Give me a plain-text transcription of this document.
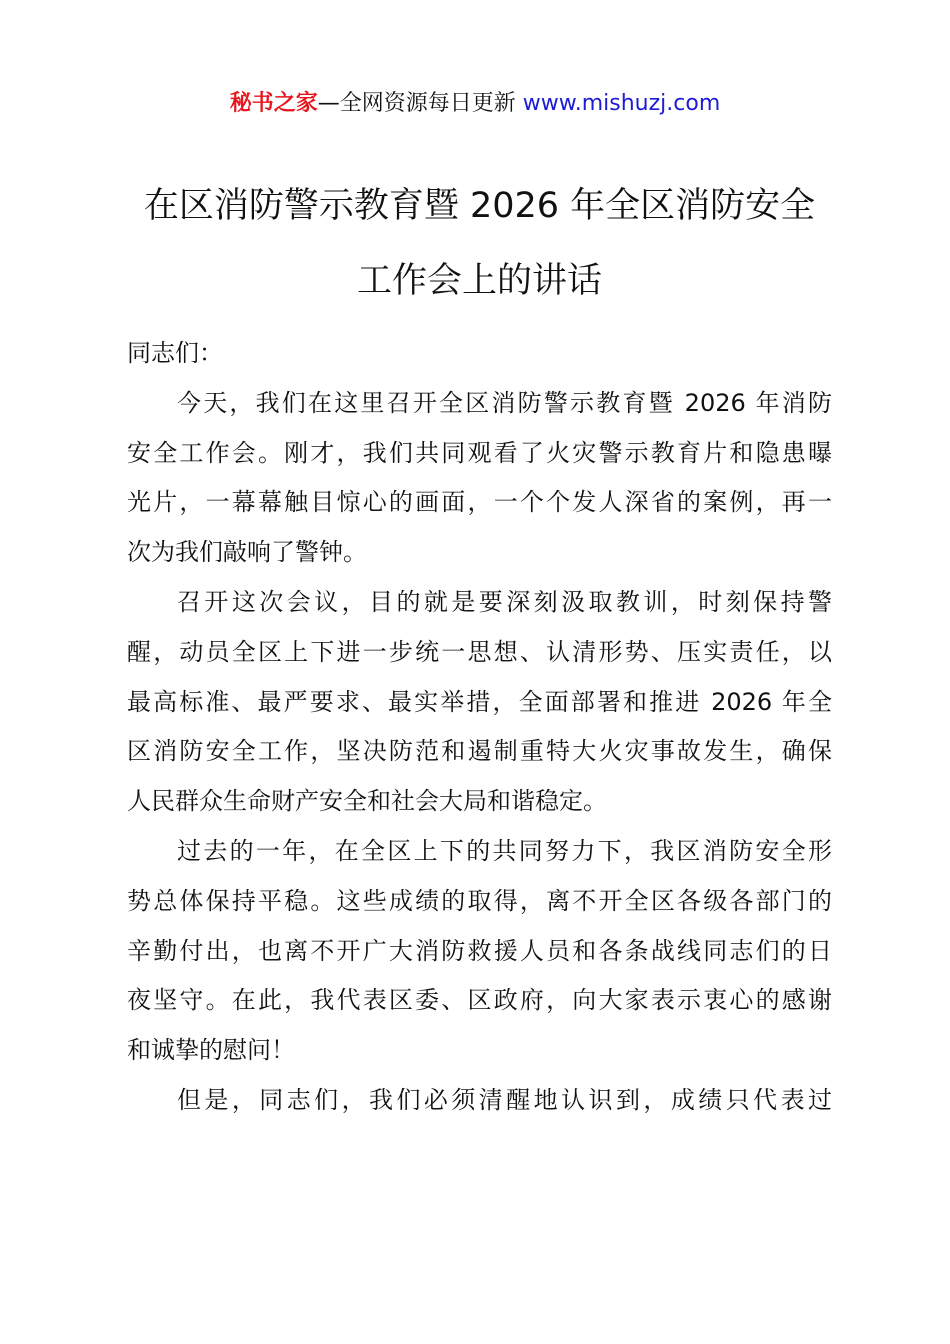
秘书之家—全网资源每日更新 www.mishuzj.com
在区消防警示教育暨 2026 年全区消防安全
工作会上的讲话
同志们：
今天，我们在这里召开全区消防警示教育暨 2026 年消防
安全工作会。刚才，我们共同观看了火灾警示教育片和隐患曝
光片，一幕幕触目惊心的画面，一个个发人深省的案例，再一
次为我们敲响了警钟。
召开这次会议，目的就是要深刻汲取教训，时刻保持警
醒，动员全区上下进一步统一思想、认清形势、压实责任，以
最高标准、最严要求、最实举措，全面部署和推进 2026 年全
区消防安全工作，坚决防范和遏制重特大火灾事故发生，确保
人民群众生命财产安全和社会大局和谐稳定。
过去的一年，在全区上下的共同努力下，我区消防安全形
势总体保持平稳。这些成绩的取得，离不开全区各级各部门的
辛勤付出，也离不开广大消防救援人员和各条战线同志们的日
夜坚守。在此，我代表区委、区政府，向大家表示衷心的感谢
和诚挚的慰问！
但是，同志们，我们必须清醒地认识到，成绩只代表过
